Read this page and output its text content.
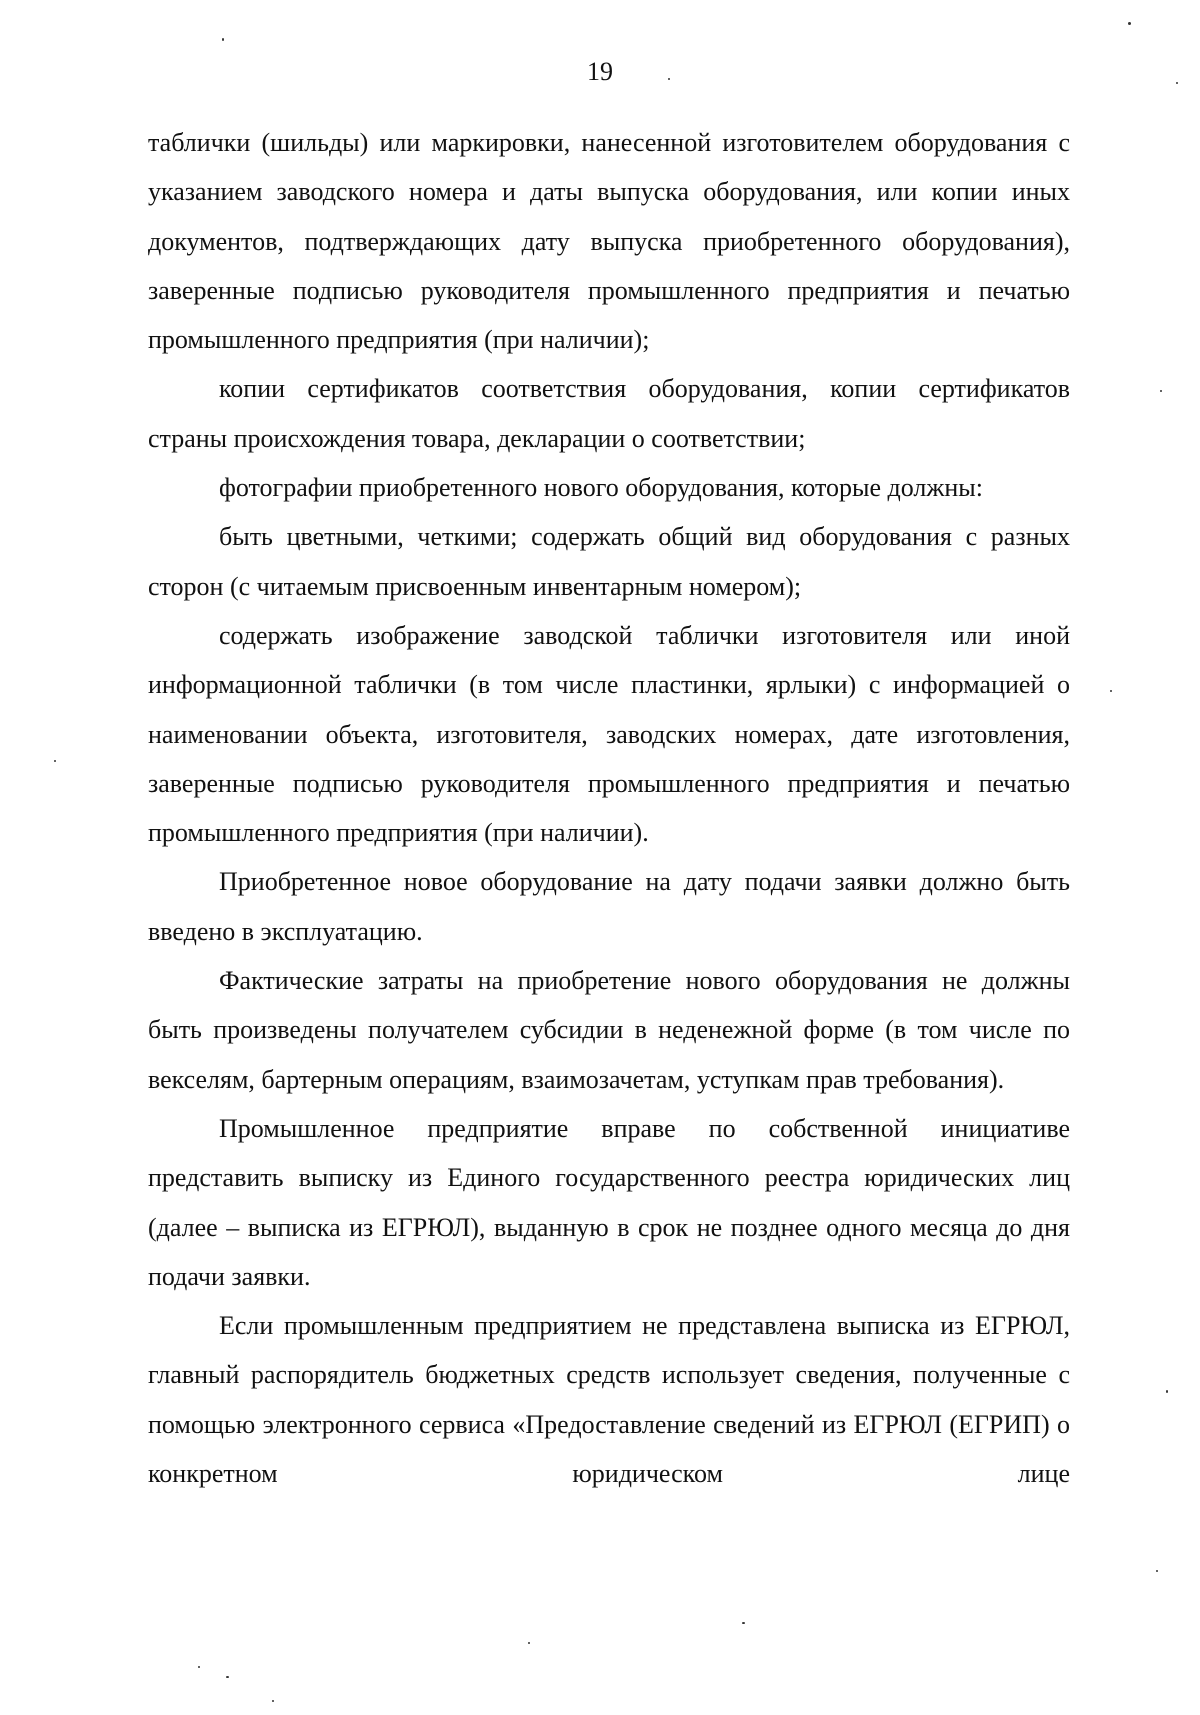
19

таблички (шильды) или маркировки, нанесенной изготовителем оборудования с указанием заводского номера и даты выпуска оборудования, или копии иных документов, подтверждающих дату выпуска приобретенного оборудования), заверенные подписью руководителя промышленного предприятия и печатью промышленного предприятия (при наличии);

копии сертификатов соответствия оборудования, копии сертификатов страны происхождения товара, декларации о соответствии;

фотографии приобретенного нового оборудования, которые должны:

быть цветными, четкими; содержать общий вид оборудования с разных сторон (с читаемым присвоенным инвентарным номером);

содержать изображение заводской таблички изготовителя или иной информационной таблички (в том числе пластинки, ярлыки) с информацией о наименовании объекта, изготовителя, заводских номерах, дате изготовления, заверенные подписью руководителя промышленного предприятия и печатью промышленного предприятия (при наличии).

Приобретенное новое оборудование на дату подачи заявки должно быть введено в эксплуатацию.

Фактические затраты на приобретение нового оборудования не должны быть произведены получателем субсидии в неденежной форме (в том числе по векселям, бартерным операциям, взаимозачетам, уступкам прав требования).

Промышленное предприятие вправе по собственной инициативе представить выписку из Единого государственного реестра юридических лиц (далее – выписка из ЕГРЮЛ), выданную в срок не позднее одного месяца до дня подачи заявки.

Если промышленным предприятием не представлена выписка из ЕГРЮЛ, главный распорядитель бюджетных средств использует сведения, полученные с помощью электронного сервиса «Предоставление сведений из ЕГРЮЛ (ЕГРИП) о конкретном юридическом лице
